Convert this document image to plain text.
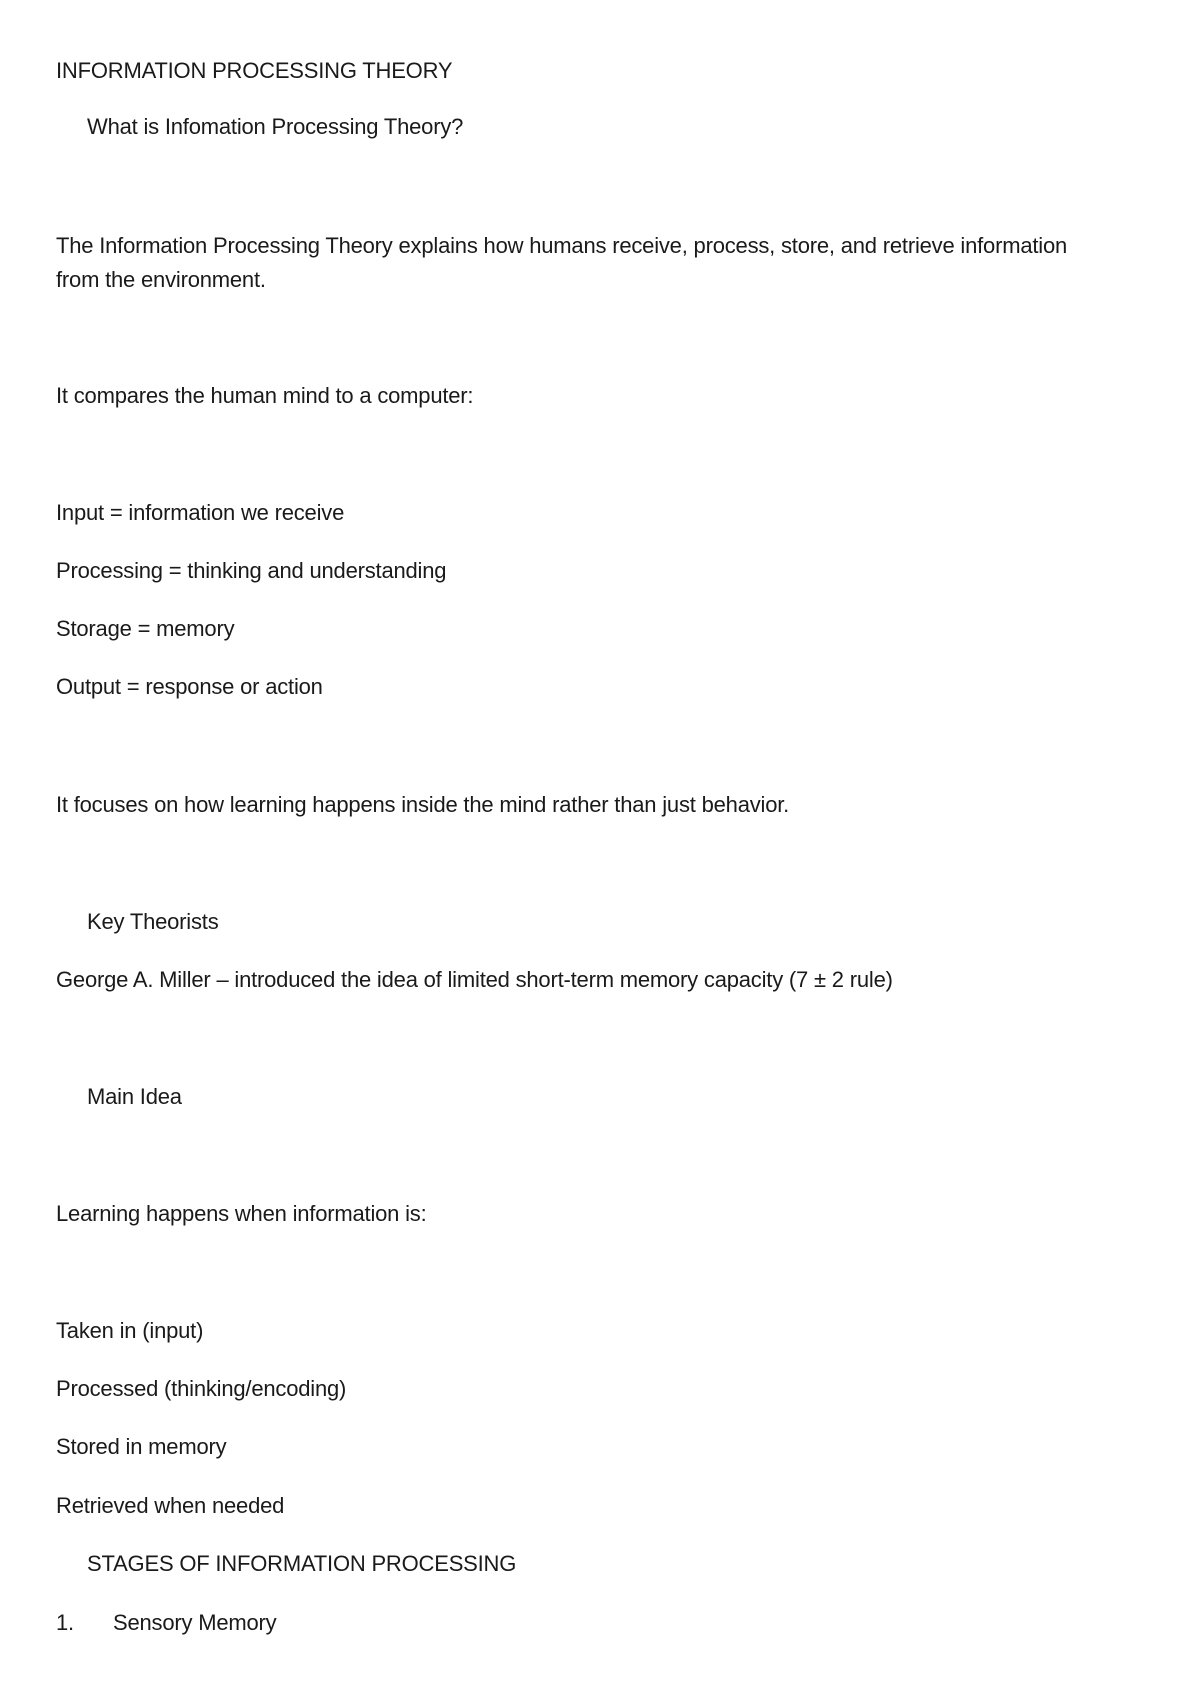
INFORMATION PROCESSING THEORY

What is Infomation Processing Theory?

The Information Processing Theory explains how humans receive, process, store, and retrieve information from the environment.

It compares the human mind to a computer:

Input = information we receive

Processing = thinking and understanding

Storage = memory

Output = response or action

It focuses on how learning happens inside the mind rather than just behavior.

Key Theorists

George A. Miller – introduced the idea of limited short-term memory capacity (7 ± 2 rule)

Main Idea

Learning happens when information is:

Taken in (input)

Processed (thinking/encoding)

Stored in memory

Retrieved when needed

STAGES OF INFORMATION PROCESSING

1. Sensory Memory
